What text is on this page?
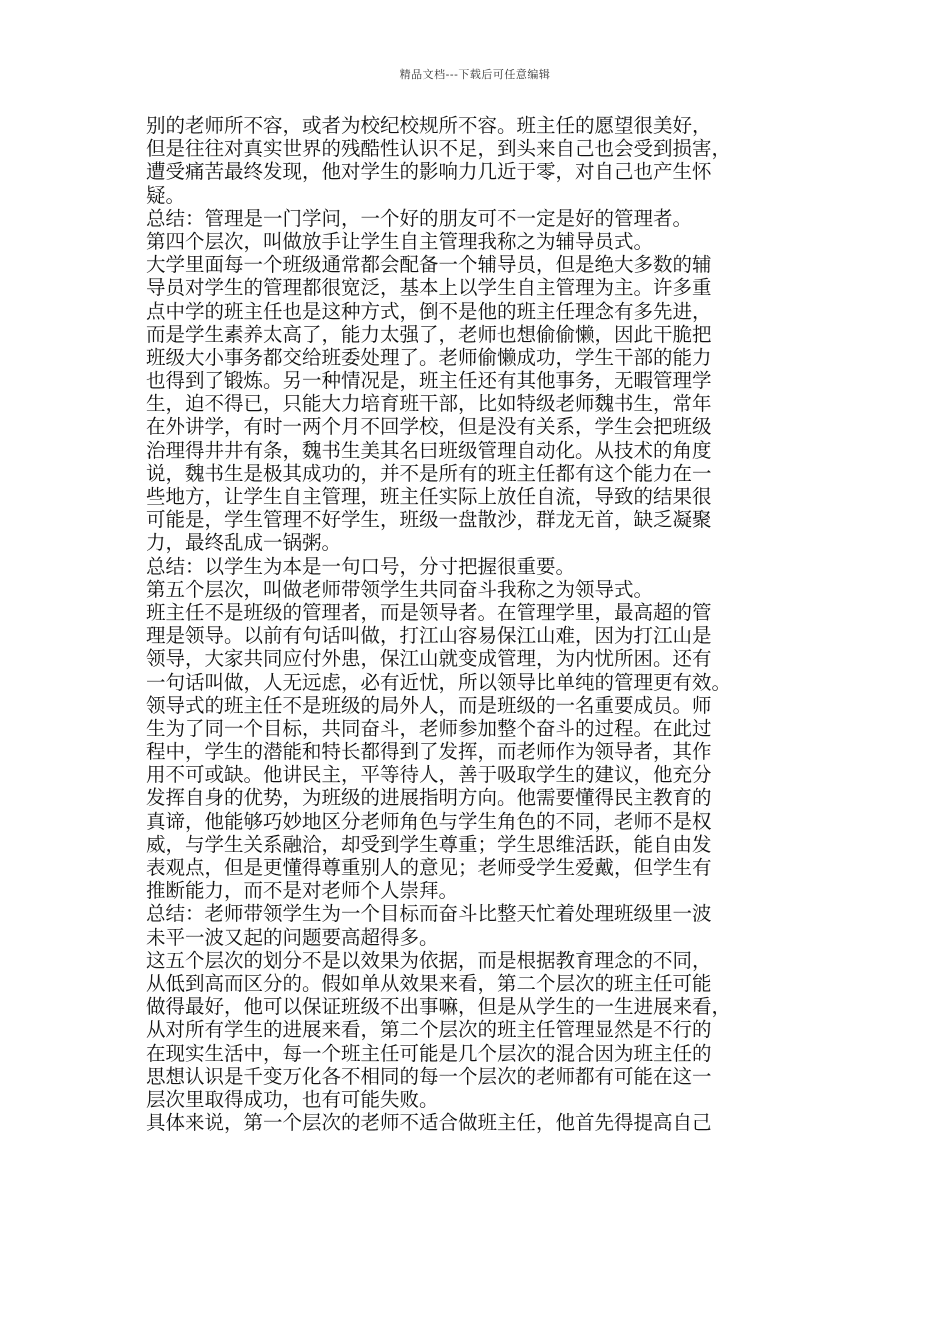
精品文档---下载后可任意编辑
别的老师所不容，或者为校纪校规所不容。班主任的愿望很美好，
但是往往对真实世界的残酷性认识不足，到头来自己也会受到损害，
遭受痛苦最终发现，他对学生的影响力几近于零，对自己也产生怀
疑。
总结：管理是一门学问，一个好的朋友可不一定是好的管理者。
第四个层次，叫做放手让学生自主管理我称之为辅导员式。
大学里面每一个班级通常都会配备一个辅导员，但是绝大多数的辅
导员对学生的管理都很宽泛，基本上以学生自主管理为主。许多重
点中学的班主任也是这种方式，倒不是他的班主任理念有多先进，
而是学生素养太高了，能力太强了，老师也想偷偷懒，因此干脆把
班级大小事务都交给班委处理了。老师偷懒成功，学生干部的能力
也得到了锻炼。另一种情况是，班主任还有其他事务，无暇管理学
生，迫不得已，只能大力培育班干部，比如特级老师魏书生，常年
在外讲学，有时一两个月不回学校，但是没有关系，学生会把班级
治理得井井有条，魏书生美其名曰班级管理自动化。从技术的角度
说，魏书生是极其成功的，并不是所有的班主任都有这个能力在一
些地方，让学生自主管理，班主任实际上放任自流，导致的结果很
可能是，学生管理不好学生，班级一盘散沙，群龙无首，缺乏凝聚
力，最终乱成一锅粥。
总结：以学生为本是一句口号，分寸把握很重要。
第五个层次，叫做老师带领学生共同奋斗我称之为领导式。
班主任不是班级的管理者，而是领导者。在管理学里，最高超的管
理是领导。以前有句话叫做，打江山容易保江山难，因为打江山是
领导，大家共同应付外患，保江山就变成管理，为内忧所困。还有
一句话叫做，人无远虑，必有近忧，所以领导比单纯的管理更有效。
领导式的班主任不是班级的局外人，而是班级的一名重要成员。师
生为了同一个目标，共同奋斗，老师参加整个奋斗的过程。在此过
程中，学生的潜能和特长都得到了发挥，而老师作为领导者，其作
用不可或缺。他讲民主，平等待人，善于吸取学生的建议，他充分
发挥自身的优势，为班级的进展指明方向。他需要懂得民主教育的
真谛，他能够巧妙地区分老师角色与学生角色的不同，老师不是权
威，与学生关系融洽，却受到学生尊重；学生思维活跃，能自由发
表观点，但是更懂得尊重别人的意见；老师受学生爱戴，但学生有
推断能力，而不是对老师个人崇拜。
总结：老师带领学生为一个目标而奋斗比整天忙着处理班级里一波
未平一波又起的问题要高超得多。
这五个层次的划分不是以效果为依据，而是根据教育理念的不同，
从低到高而区分的。假如单从效果来看，第二个层次的班主任可能
做得最好，他可以保证班级不出事嘛，但是从学生的一生进展来看，
从对所有学生的进展来看，第二个层次的班主任管理显然是不行的
在现实生活中，每一个班主任可能是几个层次的混合因为班主任的
思想认识是千变万化各不相同的每一个层次的老师都有可能在这一
层次里取得成功，也有可能失败。
具体来说，第一个层次的老师不适合做班主任，他首先得提高自己
